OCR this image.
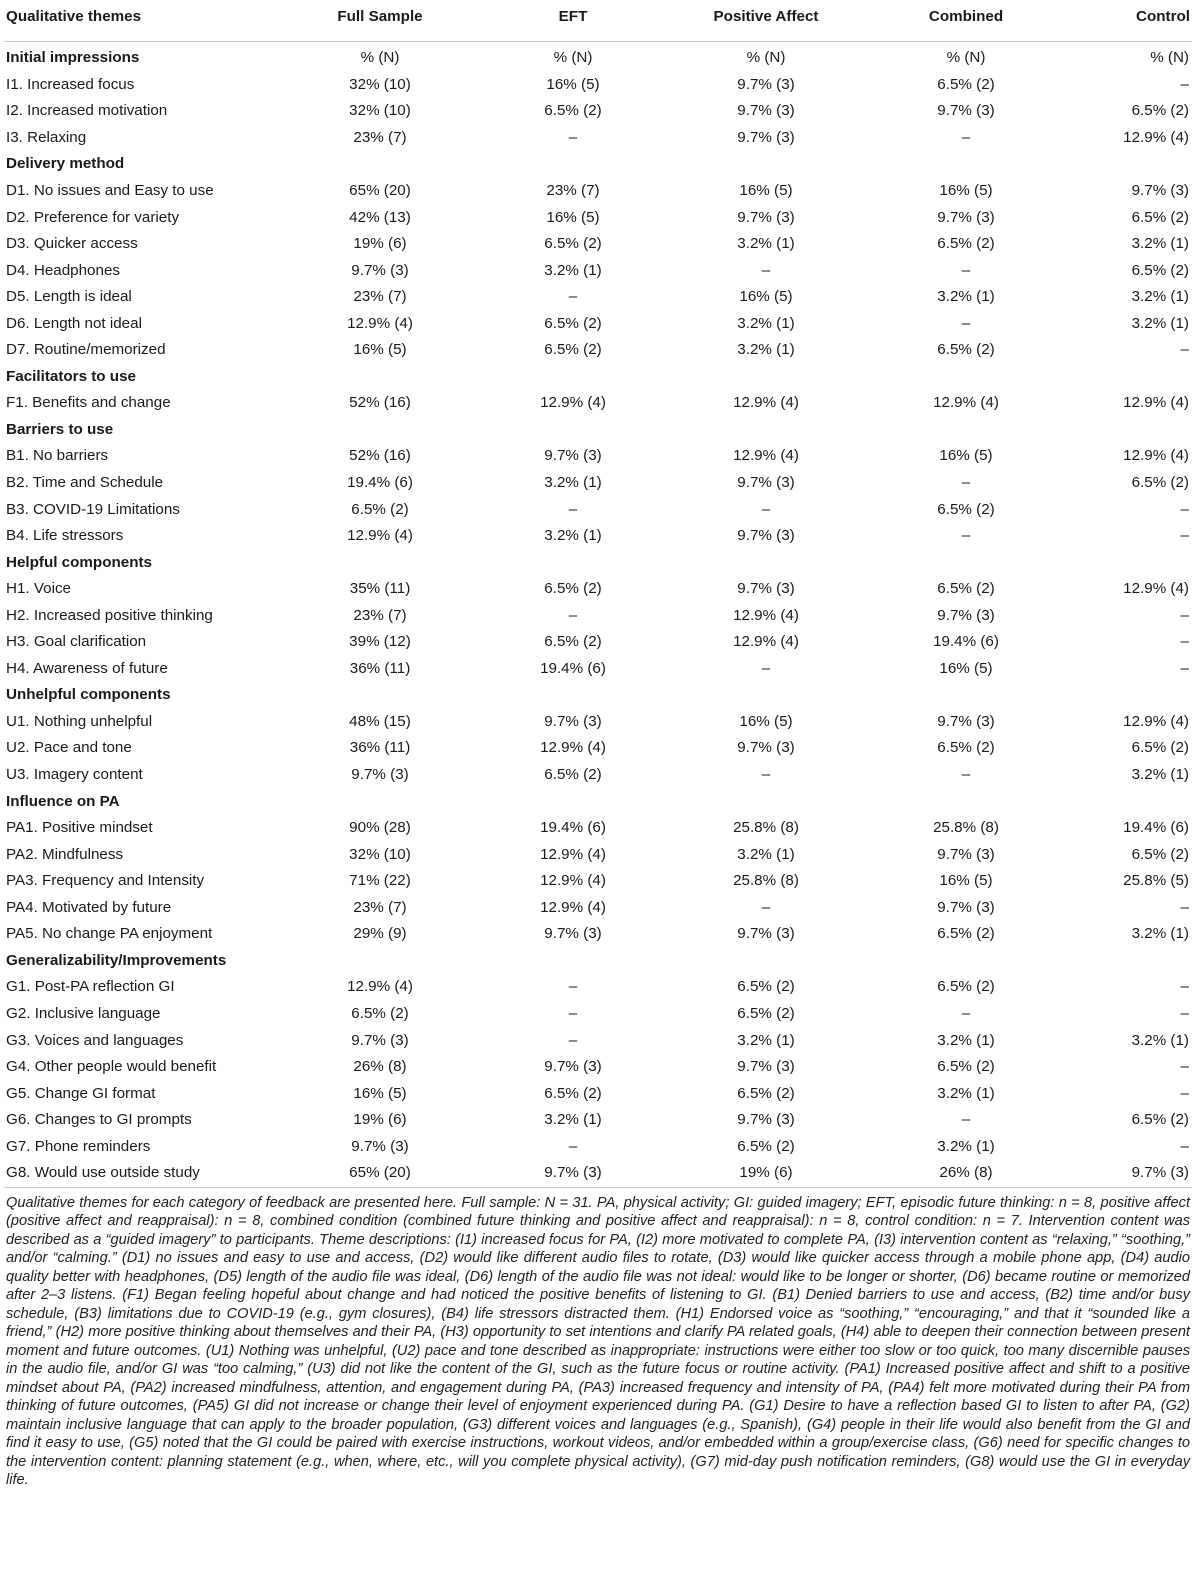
Qualitative themes	Full Sample	EFT	Positive Affect	Combined	Control
Initial impressions	% (N)	% (N)	% (N)	% (N)	% (N)
I1. Increased focus	32% (10)	16% (5)	9.7% (3)	6.5% (2)	–
I2. Increased motivation	32% (10)	6.5% (2)	9.7% (3)	9.7% (3)	6.5% (2)
I3. Relaxing	23% (7)	–	9.7% (3)	–	12.9% (4)
Delivery method					
D1. No issues and Easy to use	65% (20)	23% (7)	16% (5)	16% (5)	9.7% (3)
D2. Preference for variety	42% (13)	16% (5)	9.7% (3)	9.7% (3)	6.5% (2)
D3. Quicker access	19% (6)	6.5% (2)	3.2% (1)	6.5% (2)	3.2% (1)
D4. Headphones	9.7% (3)	3.2% (1)	–	–	6.5% (2)
D5. Length is ideal	23% (7)	–	16% (5)	3.2% (1)	3.2% (1)
D6. Length not ideal	12.9% (4)	6.5% (2)	3.2% (1)	–	3.2% (1)
D7. Routine/memorized	16% (5)	6.5% (2)	3.2% (1)	6.5% (2)	–
Facilitators to use					
F1. Benefits and change	52% (16)	12.9% (4)	12.9% (4)	12.9% (4)	12.9% (4)
Barriers to use					
B1. No barriers	52% (16)	9.7% (3)	12.9% (4)	16% (5)	12.9% (4)
B2. Time and Schedule	19.4% (6)	3.2% (1)	9.7% (3)	–	6.5% (2)
B3. COVID-19 Limitations	6.5% (2)	–	–	6.5% (2)	–
B4. Life stressors	12.9% (4)	3.2% (1)	9.7% (3)	–	–
Helpful components					
H1. Voice	35% (11)	6.5% (2)	9.7% (3)	6.5% (2)	12.9% (4)
H2. Increased positive thinking	23% (7)	–	12.9% (4)	9.7% (3)	–
H3. Goal clarification	39% (12)	6.5% (2)	12.9% (4)	19.4% (6)	–
H4. Awareness of future	36% (11)	19.4% (6)	–	16% (5)	–
Unhelpful components					
U1. Nothing unhelpful	48% (15)	9.7% (3)	16% (5)	9.7% (3)	12.9% (4)
U2. Pace and tone	36% (11)	12.9% (4)	9.7% (3)	6.5% (2)	6.5% (2)
U3. Imagery content	9.7% (3)	6.5% (2)	–	–	3.2% (1)
Influence on PA					
PA1. Positive mindset	90% (28)	19.4% (6)	25.8% (8)	25.8% (8)	19.4% (6)
PA2. Mindfulness	32% (10)	12.9% (4)	3.2% (1)	9.7% (3)	6.5% (2)
PA3. Frequency and Intensity	71% (22)	12.9% (4)	25.8% (8)	16% (5)	25.8% (5)
PA4. Motivated by future	23% (7)	12.9% (4)	–	9.7% (3)	–
PA5. No change PA enjoyment	29% (9)	9.7% (3)	9.7% (3)	6.5% (2)	3.2% (1)
Generalizability/Improvements					
G1. Post-PA reflection GI	12.9% (4)	–	6.5% (2)	6.5% (2)	–
G2. Inclusive language	6.5% (2)	–	6.5% (2)	–	–
G3. Voices and languages	9.7% (3)	–	3.2% (1)	3.2% (1)	3.2% (1)
G4. Other people would benefit	26% (8)	9.7% (3)	9.7% (3)	6.5% (2)	–
G5. Change GI format	16% (5)	6.5% (2)	6.5% (2)	3.2% (1)	–
G6. Changes to GI prompts	19% (6)	3.2% (1)	9.7% (3)	–	6.5% (2)
G7. Phone reminders	9.7% (3)	–	6.5% (2)	3.2% (1)	–
G8. Would use outside study	65% (20)	9.7% (3)	19% (6)	26% (8)	9.7% (3)
Qualitative themes for each category of feedback are presented here. Full sample: N = 31. PA, physical activity; GI: guided imagery; EFT, episodic future thinking: n = 8, positive affect (positive affect and reappraisal): n = 8, combined condition (combined future thinking and positive affect and reappraisal): n = 8, control condition: n = 7. Intervention content was described as a “guided imagery” to participants. Theme descriptions: (I1) increased focus for PA, (I2) more motivated to complete PA, (I3) intervention content as “relaxing,” “soothing,” and/or “calming.” (D1) no issues and easy to use and access, (D2) would like different audio files to rotate, (D3) would like quicker access through a mobile phone app, (D4) audio quality better with headphones, (D5) length of the audio file was ideal, (D6) length of the audio file was not ideal: would like to be longer or shorter, (D6) became routine or memorized after 2–3 listens. (F1) Began feeling hopeful about change and had noticed the positive benefits of listening to GI. (B1) Denied barriers to use and access, (B2) time and/or busy schedule, (B3) limitations due to COVID-19 (e.g., gym closures), (B4) life stressors distracted them. (H1) Endorsed voice as “soothing,” “encouraging,” and that it “sounded like a friend,” (H2) more positive thinking about themselves and their PA, (H3) opportunity to set intentions and clarify PA related goals, (H4) able to deepen their connection between present moment and future outcomes. (U1) Nothing was unhelpful, (U2) pace and tone described as inappropriate: instructions were either too slow or too quick, too many discernible pauses in the audio file, and/or GI was “too calming,” (U3) did not like the content of the GI, such as the future focus or routine activity. (PA1) Increased positive affect and shift to a positive mindset about PA, (PA2) increased mindfulness, attention, and engagement during PA, (PA3) increased frequency and intensity of PA, (PA4) felt more motivated during their PA from thinking of future outcomes, (PA5) GI did not increase or change their level of enjoyment experienced during PA. (G1) Desire to have a reflection based GI to listen to after PA, (G2) maintain inclusive language that can apply to the broader population, (G3) different voices and languages (e.g., Spanish), (G4) people in their life would also benefit from the GI and find it easy to use, (G5) noted that the GI could be paired with exercise instructions, workout videos, and/or embedded within a group/exercise class, (G6) need for specific changes to the intervention content: planning statement (e.g., when, where, etc., will you complete physical activity), (G7) mid-day push notification reminders, (G8) would use the GI in everyday life.
